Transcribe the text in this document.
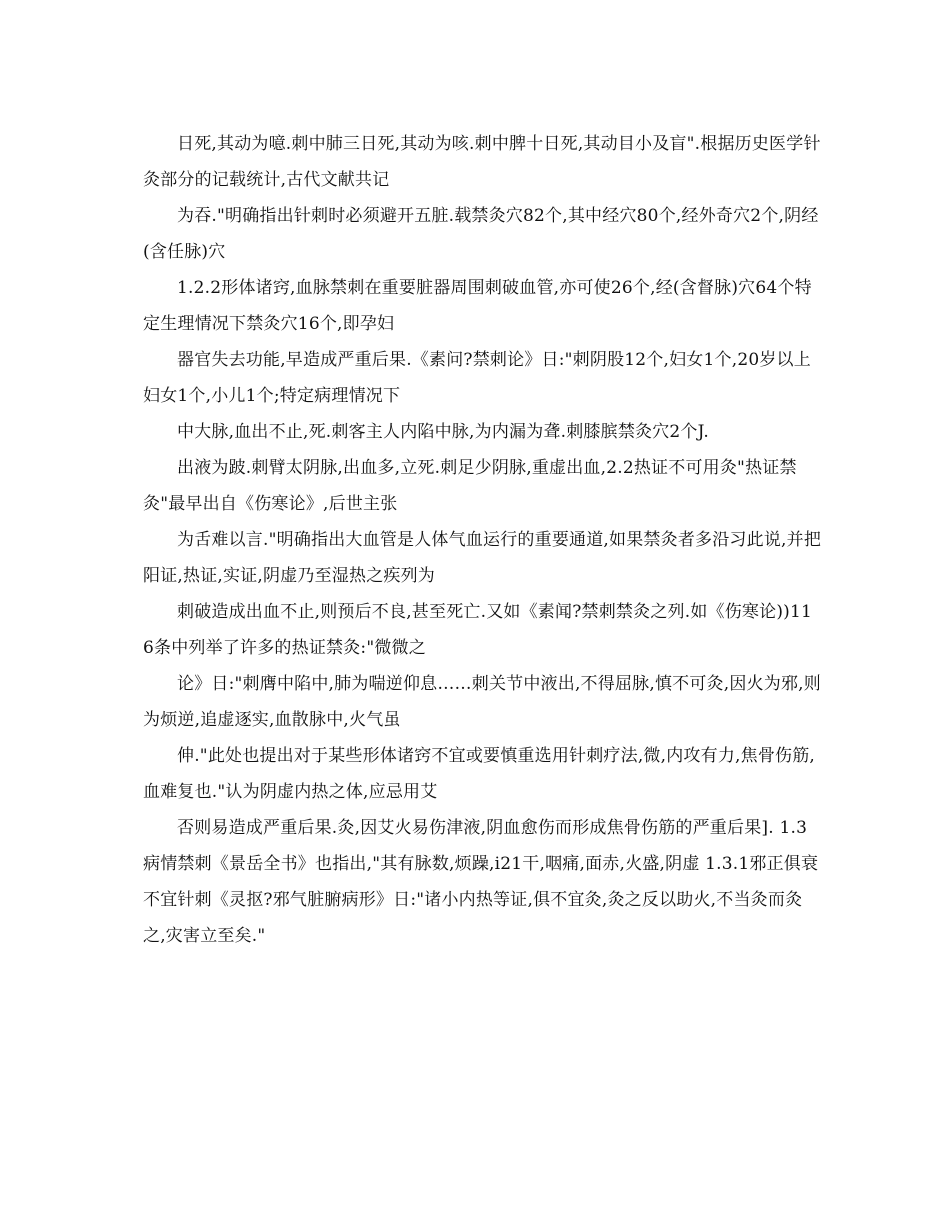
日死,其动为噫.刺中肺三日死,其动为咳.刺中脾十日死,其动目小及盲".根据历史医学针灸部分的记载统计,古代文献共记

为吞."明确指出针刺时必须避开五脏.载禁灸穴82个,其中经穴80个,经外奇穴2个,阴经(含任脉)穴

1.2.2形体诸窍,血脉禁刺在重要脏器周围刺破血管,亦可使26个,经(含督脉)穴64个特定生理情况下禁灸穴16个,即孕妇

器官失去功能,早造成严重后果.《素问?禁刺论》日:"刺阴股12个,妇女1个,20岁以上妇女1个,小儿1个;特定病理情况下

中大脉,血出不止,死.刺客主人内陷中脉,为内漏为聋.刺膝膑禁灸穴2个J.

出液为跛.刺臂太阴脉,出血多,立死.刺足少阴脉,重虚出血,2.2热证不可用灸"热证禁灸"最早出自《伤寒论》,后世主张

为舌难以言."明确指出大血管是人体气血运行的重要通道,如果禁灸者多沿习此说,并把阳证,热证,实证,阴虚乃至湿热之疾列为

刺破造成出血不止,则预后不良,甚至死亡.又如《素闻?禁刺禁灸之列.如《伤寒论))116条中列举了许多的热证禁灸:"微微之

论》日:"刺膺中陷中,肺为喘逆仰息……刺关节中液出,不得屈脉,慎不可灸,因火为邪,则为烦逆,追虚逐实,血散脉中,火气虽

伸."此处也提出对于某些形体诸窍不宜或要慎重选用针刺疗法,微,内攻有力,焦骨伤筋,血难复也."认为阴虚内热之体,应忌用艾

否则易造成严重后果.灸,因艾火易伤津液,阴血愈伤而形成焦骨伤筋的严重后果]. 1.3病情禁刺《景岳全书》也指出,"其有脉数,烦躁,i21干,咽痛,面赤,火盛,阴虚 1.3.1邪正俱衰不宜针刺《灵抠?邪气脏腑病形》日:"诸小内热等证,俱不宜灸,灸之反以助火,不当灸而灸之,灾害立至矣."
